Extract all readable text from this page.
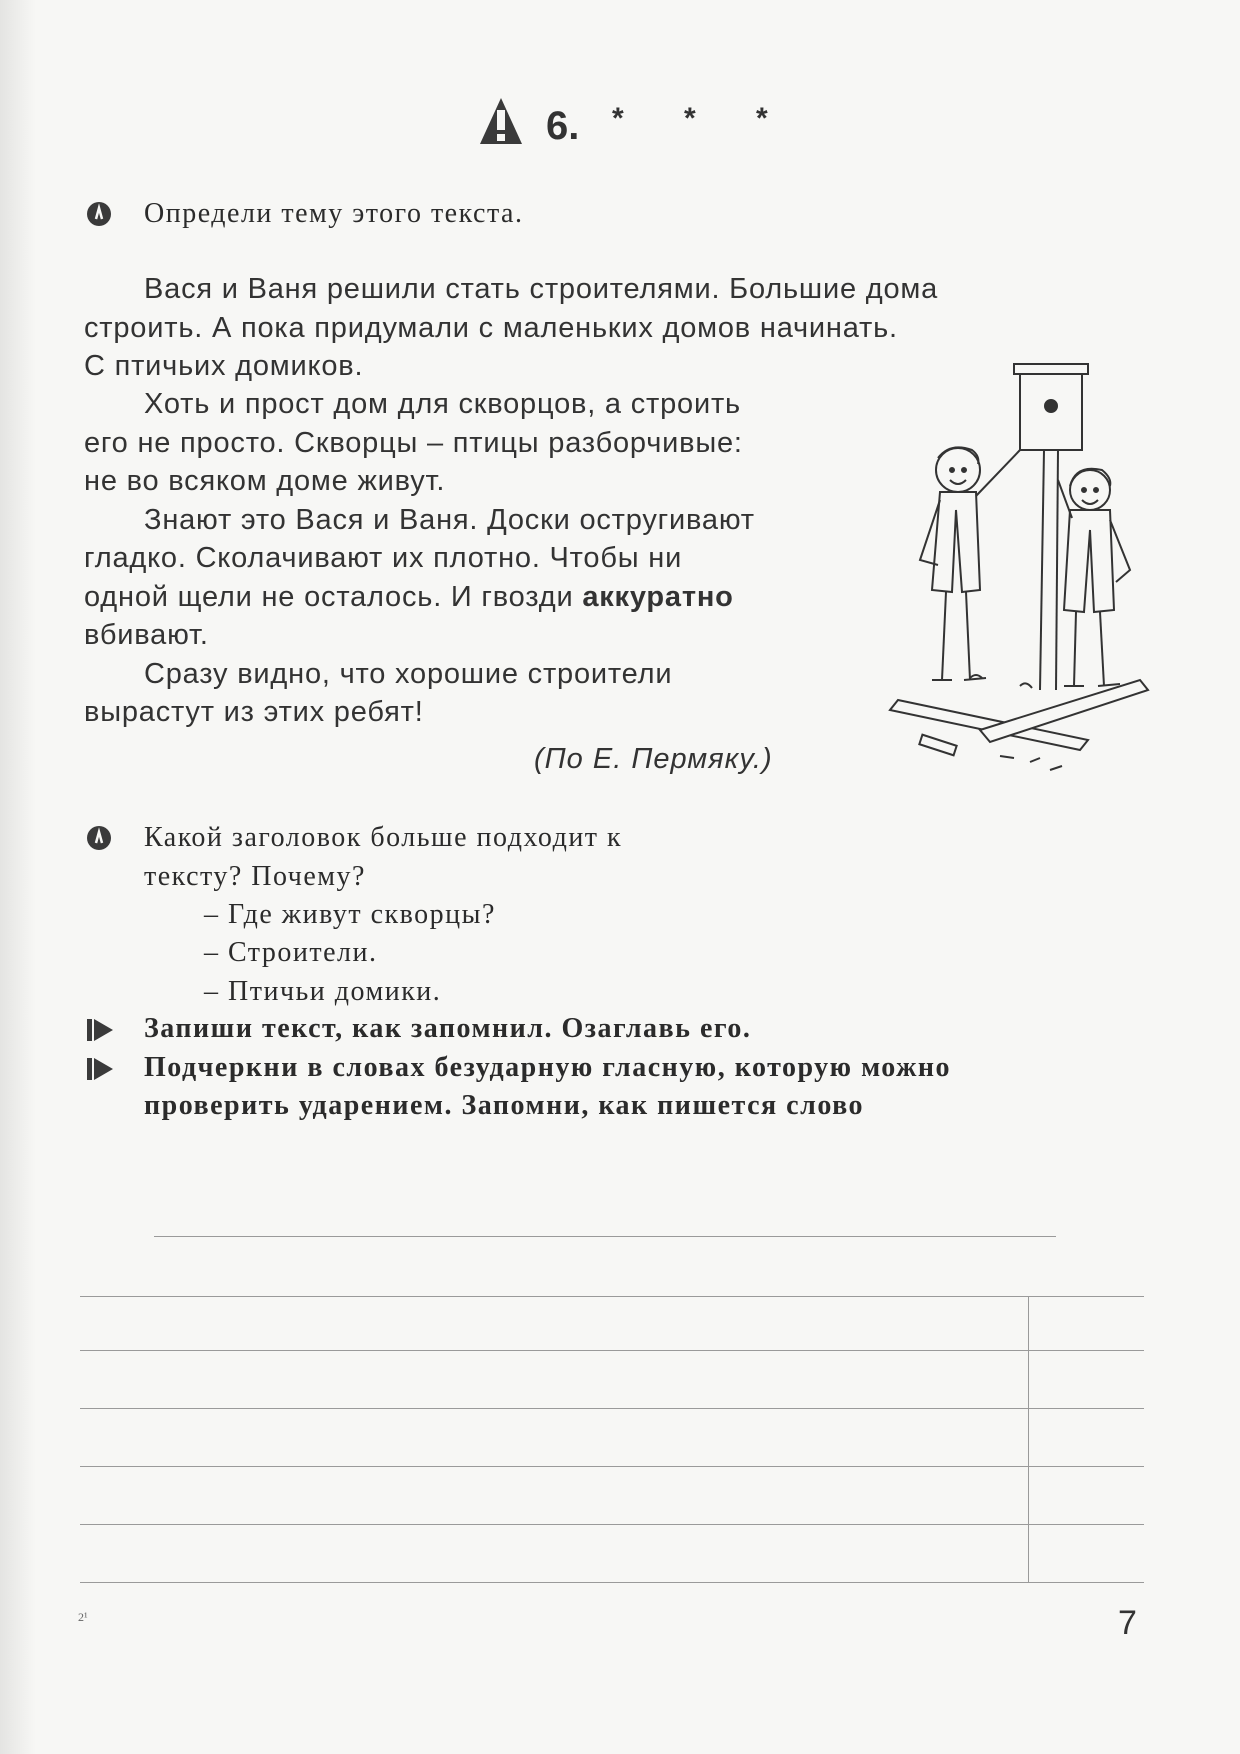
6. * * *
Определи тему этого текста.
Вася и Ваня решили стать строителями. Большие дома
строить. А пока придумали с маленьких домов начинать.
С птичьих домиков.
Хоть и прост дом для скворцов, а строить
его не просто. Скворцы – птицы разборчивые:
не во всяком доме живут.
Знают это Вася и Ваня. Доски остругивают
гладко. Сколачивают их плотно. Чтобы ни
одной щели не осталось. И гвозди аккуратно
вбивают.
Сразу видно, что хорошие строители
вырастут из этих ребят!
(По Е. Пермяку.)
Какой заголовок больше подходит к
тексту? Почему?
– Где живут скворцы?
– Строители.
– Птичьи домики.
Запиши текст, как запомнил. Озаглавь его.
Подчеркни в словах безударную гласную, которую можно
проверить ударением. Запомни, как пишется слово
2¹	7
